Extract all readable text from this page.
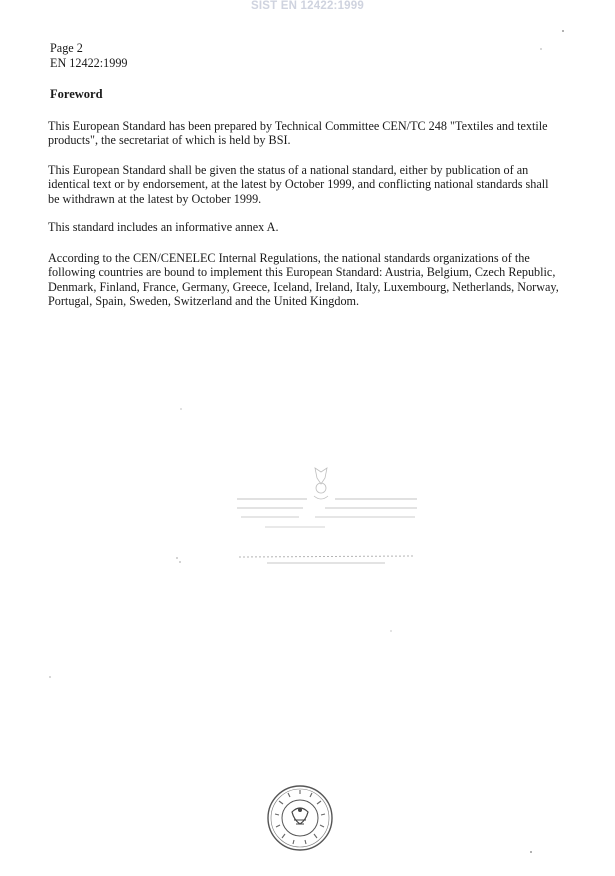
SIST EN 12422:1999
Page 2
EN 12422:1999
Foreword

This European Standard has been prepared by Technical Committee CEN/TC 248 "Textiles and textile products", the secretariat of which is held by BSI.

This European Standard shall be given the status of a national standard, either by publication of an identical text or by endorsement, at the latest by October 1999, and conflicting national standards shall be withdrawn at the latest by October 1999.

This standard includes an informative annex A.

According to the CEN/CENELEC Internal Regulations, the national standards organizations of the following countries are bound to implement this European Standard: Austria, Belgium, Czech Republic, Denmark, Finland, France, Germany, Greece, Iceland, Ireland, Italy, Luxembourg, Netherlands, Norway, Portugal, Spain, Sweden, Switzerland and the United Kingdom.
